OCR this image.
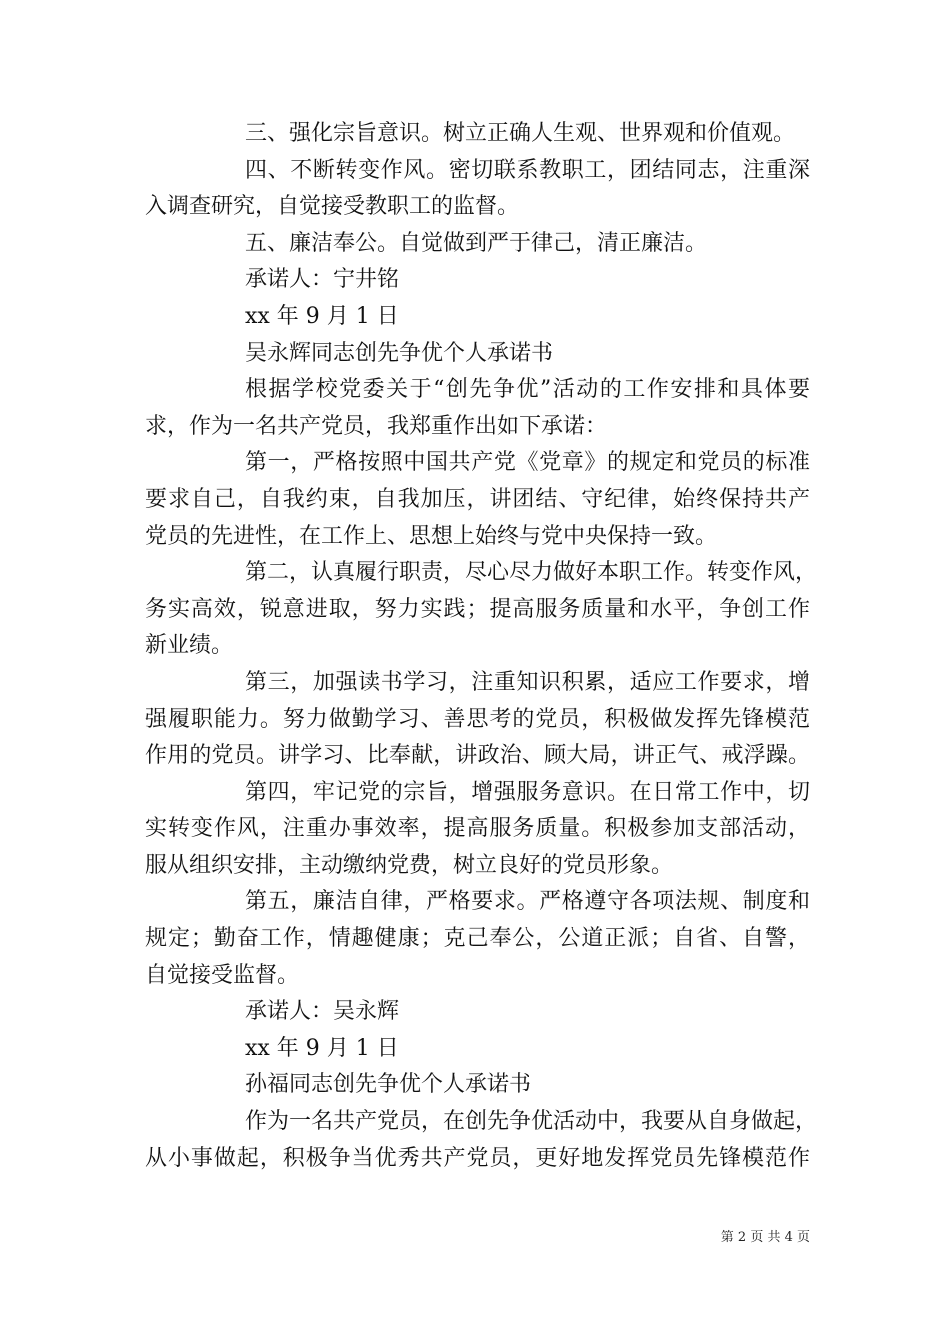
三、强化宗旨意识。树立正确人生观、世界观和价值观。
四、不断转变作风。密切联系教职工，团结同志，注重深
入调查研究，自觉接受教职工的监督。
五、廉洁奉公。自觉做到严于律己，清正廉洁。
承诺人：宁井铭
xx 年 9 月 1 日
吴永辉同志创先争优个人承诺书
根据学校党委关于“创先争优”活动的工作安排和具体要
求，作为一名共产党员，我郑重作出如下承诺：
第一，严格按照中国共产党《党章》的规定和党员的标准
要求自己，自我约束，自我加压，讲团结、守纪律，始终保持共产
党员的先进性，在工作上、思想上始终与党中央保持一致。
第二，认真履行职责，尽心尽力做好本职工作。转变作风，
务实高效，锐意进取，努力实践；提高服务质量和水平，争创工作
新业绩。
第三，加强读书学习，注重知识积累，适应工作要求，增
强履职能力。努力做勤学习、善思考的党员，积极做发挥先锋模范
作用的党员。讲学习、比奉献，讲政治、顾大局，讲正气、戒浮躁。
第四，牢记党的宗旨，增强服务意识。在日常工作中，切
实转变作风，注重办事效率，提高服务质量。积极参加支部活动，
服从组织安排，主动缴纳党费，树立良好的党员形象。
第五，廉洁自律，严格要求。严格遵守各项法规、制度和
规定；勤奋工作，情趣健康；克己奉公，公道正派；自省、自警，
自觉接受监督。
承诺人：吴永辉
xx 年 9 月 1 日
孙福同志创先争优个人承诺书
作为一名共产党员，在创先争优活动中，我要从自身做起，
从小事做起，积极争当优秀共产党员，更好地发挥党员先锋模范作
第 2 页 共 4 页
